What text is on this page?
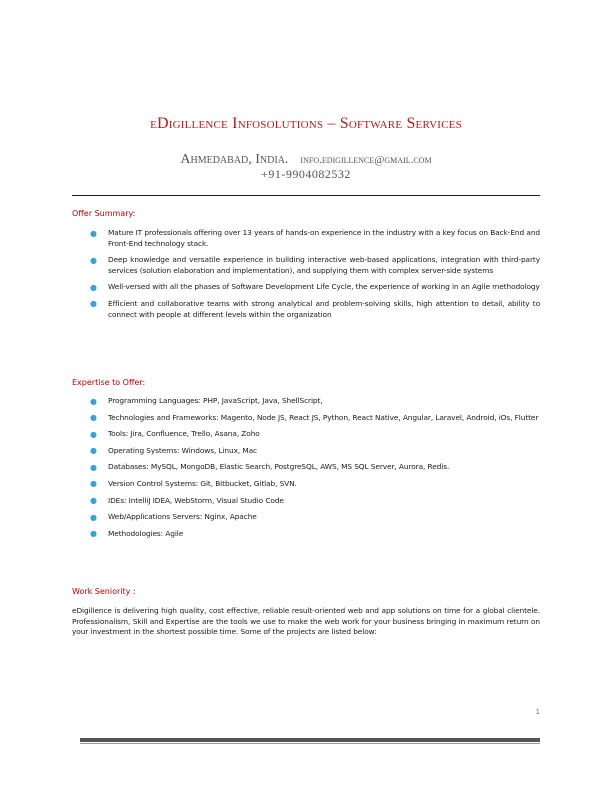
eDigillence Infosolutions – Software Services
Ahmedabad, India. info.edigillence@gmail.com
+91-9904082532
Offer Summary:
● Mature IT professionals offering over 13 years of hands-on experience in the industry with a key focus on Back-End and Front-End technology stack.
● Deep knowledge and versatile experience in building interactive web-based applications, integration with third-party services (solution elaboration and implementation), and supplying them with complex server-side systems
● Well-versed with all the phases of Software Development Life Cycle, the experience of working in an Agile methodology
● Efficient and collaborative teams with strong analytical and problem-solving skills, high attention to detail, ability to connect with people at different levels within the organization
Expertise to Offer:
● Programming Languages: PHP, JavaScript, Java, ShellScript,
● Technologies and Frameworks: Magento, Node JS, React JS, Python, React Native, Angular, Laravel, Android, iOs, Flutter
● Tools: Jira, Confluence, Trello, Asana, Zoho
● Operating Systems: Windows, Linux, Mac
● Databases: MySQL, MongoDB, Elastic Search, PostgreSQL, AWS, MS SQL Server, Aurora, Redis.
● Version Control Systems: Git, Bitbucket, Gitlab, SVN.
● IDEs: IntelliJ IDEA, WebStorm, Visual Studio Code
● Web/Applications Servers: Nginx, Apache
● Methodologies: Agile
Work Seniority :
eDigillence is delivering high quality, cost effective, reliable result-oriented web and app solutions on time for a global clientele. Professionalism, Skill and Expertise are the tools we use to make the web work for your business bringing in maximum return on your investment in the shortest possible time. Some of the projects are listed below:
1
